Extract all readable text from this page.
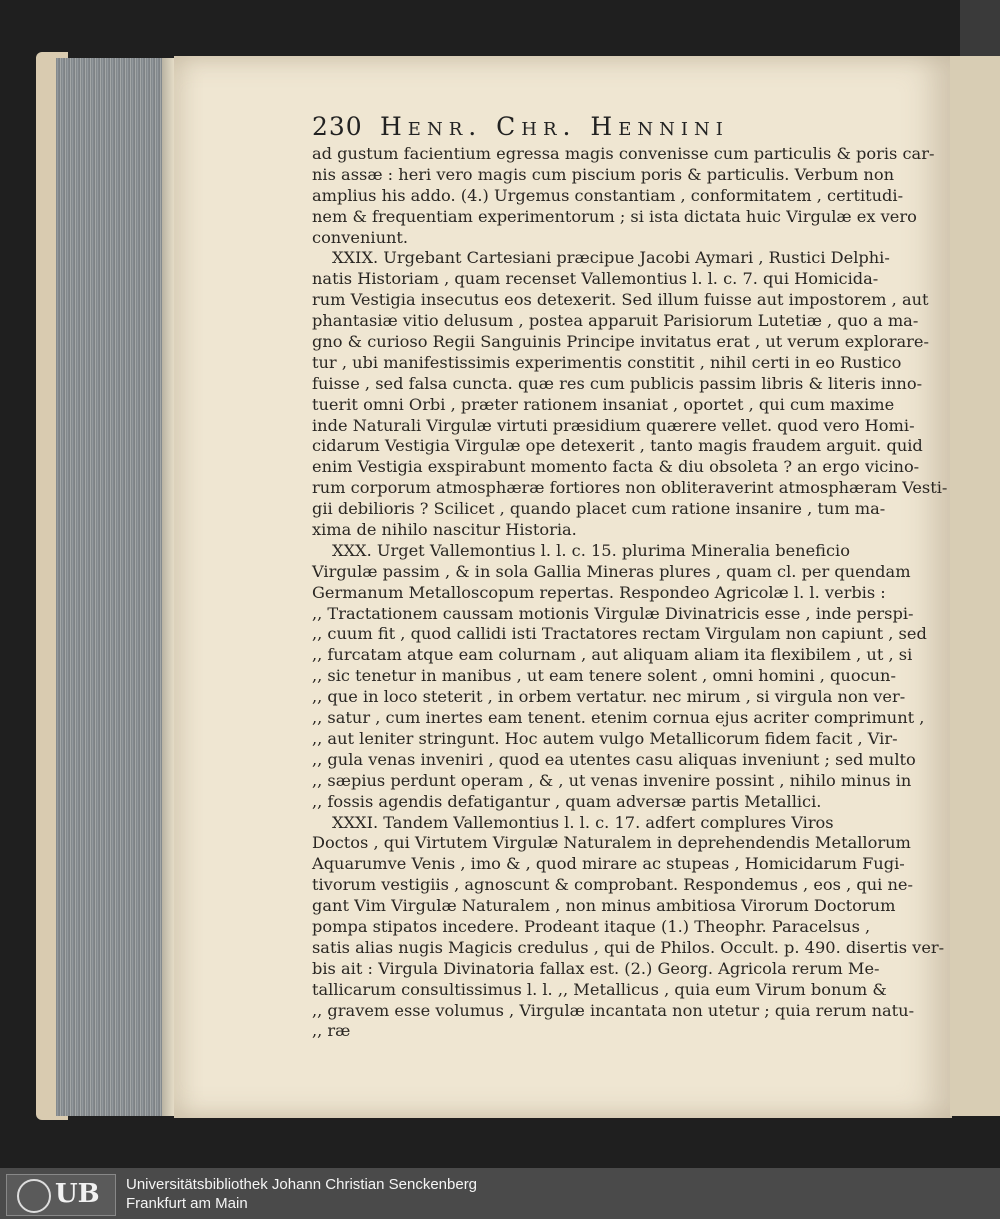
230 Henr. Chr. Hennini
ad gustum facientium egressa magis convenisse cum particulis & poris car-
nis assæ : heri vero magis cum piscium poris & particulis. Verbum non
amplius his addo. (4.) Urgemus constantiam , conformitatem , certitudi-
nem & frequentiam experimentorum ; si ista dictata huic Virgulæ ex vero
conveniunt.
XXIX. Urgebant Cartesiani præcipue Jacobi Aymari , Rustici Delphi-
natis Historiam , quam recenset Vallemontius l. l. c. 7. qui Homicida-
rum Vestigia insecutus eos detexerit. Sed illum fuisse aut impostorem , aut
phantasiæ vitio delusum , postea apparuit Parisiorum Lutetiæ , quo a ma-
gno & curioso Regii Sanguinis Principe invitatus erat , ut verum explorare-
tur , ubi manifestissimis experimentis constitit , nihil certi in eo Rustico
fuisse , sed falsa cuncta. quæ res cum publicis passim libris & literis inno-
tuerit omni Orbi , præter rationem insaniat , oportet , qui cum maxime
inde Naturali Virgulæ virtuti præsidium quærere vellet. quod vero Homi-
cidarum Vestigia Virgulæ ope detexerit , tanto magis fraudem arguit. quid
enim Vestigia exspirabunt momento facta & diu obsoleta ? an ergo vicino-
rum corporum atmosphæræ fortiores non obliteraverint atmosphæram Vesti-
gii debilioris ? Scilicet , quando placet cum ratione insanire , tum ma-
xima de nihilo nascitur Historia.
XXX. Urget Vallemontius l. l. c. 15. plurima Mineralia beneficio
Virgulæ passim , & in sola Gallia Mineras plures , quam cl. per quendam
Germanum Metalloscopum repertas. Respondeo Agricolæ l. l. verbis :
,, Tractationem caussam motionis Virgulæ Divinatricis esse , inde perspi-
,, cuum fit , quod callidi isti Tractatores rectam Virgulam non capiunt , sed
,, furcatam atque eam colurnam , aut aliquam aliam ita flexibilem , ut , si
,, sic tenetur in manibus , ut eam tenere solent , omni homini , quocun-
,, que in loco steterit , in orbem vertatur. nec mirum , si virgula non ver-
,, satur , cum inertes eam tenent. etenim cornua ejus acriter comprimunt ,
,, aut leniter stringunt. Hoc autem vulgo Metallicorum fidem facit , Vir-
,, gula venas inveniri , quod ea utentes casu aliquas inveniunt ; sed multo
,, sæpius perdunt operam , & , ut venas invenire possint , nihilo minus in
,, fossis agendis defatigantur , quam adversæ partis Metallici.
XXXI. Tandem Vallemontius l. l. c. 17. adfert complures Viros
Doctos , qui Virtutem Virgulæ Naturalem in deprehendendis Metallorum
Aquarumve Venis , imo & , quod mirare ac stupeas , Homicidarum Fugi-
tivorum vestigiis , agnoscunt & comprobant. Respondemus , eos , qui ne-
gant Vim Virgulæ Naturalem , non minus ambitiosa Virorum Doctorum
pompa stipatos incedere. Prodeant itaque (1.) Theophr. Paracelsus ,
satis alias nugis Magicis credulus , qui de Philos. Occult. p. 490. disertis ver-
bis ait : Virgula Divinatoria fallax est. (2.) Georg. Agricola rerum Me-
tallicarum consultissimus l. l. ,, Metallicus , quia eum Virum bonum &
,, gravem esse volumus , Virgulæ incantata non utetur ; quia rerum natu-
,, ræ
UB Universitätsbibliothek Johann Christian Senckenberg
Frankfurt am Main
